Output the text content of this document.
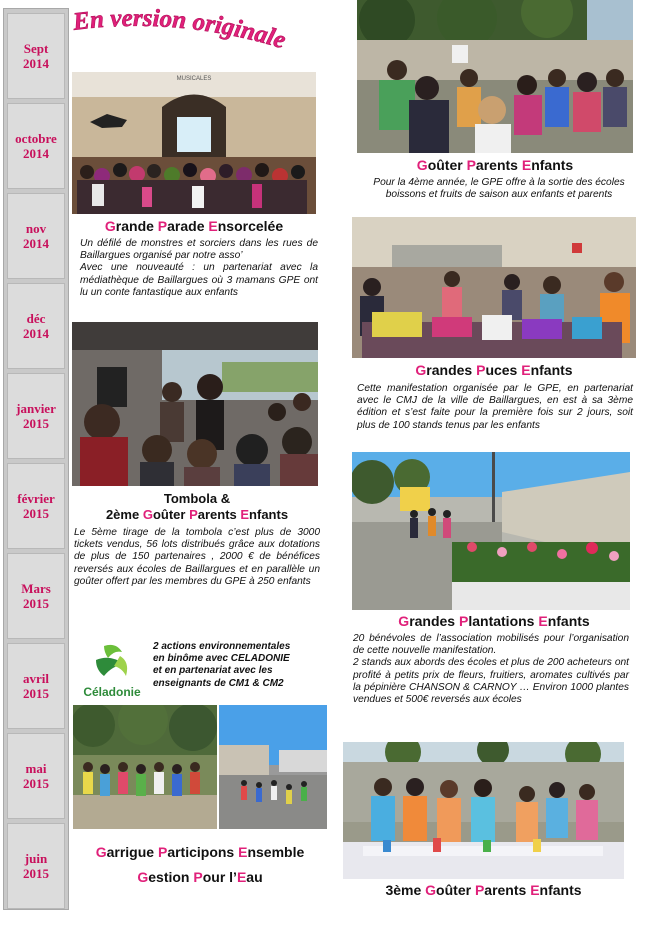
Sept
2014
octobre
2014
nov
2014
déc
2014
janvier
2015
février
2015
Mars
2015
avril
2015
mai
2015
juin
2015
En version originale
MUSICALES
Grande Parade Ensorcelée

Un défilé de monstres et sorciers dans les rues de Baillargues organisé par notre asso’

Avec une nouveauté : un partenariat avec la médiathèque de Baillargues où 3 mamans GPE ont lu un conte fantastique aux enfants

Tombola &
2ème Goûter Parents Enfants

Le 5ème tirage de la tombola c’est plus de 3000 tickets vendus, 56 lots distribués grâce aux dotations de plus de 150 partenaires , 2000 € de bénéfices reversés aux écoles de Baillargues et en parallèle un goûter offert par les membres du GPE à 250 enfants

Céladonie

2 actions environnementales

en binôme avec CELADONIE

et en partenariat avec les

enseignants de CM1 & CM2

Garrigue Participons Ensemble
Gestion Pour l’Eau
Goûter Parents Enfants

Pour la 4ème année, le GPE offre à la sortie des écoles

boissons et fruits de saison aux enfants et parents

Grandes Puces Enfants

Cette manifestation organisée par le GPE, en partenariat avec le CMJ de la ville de Baillargues, en est à sa 3ème édition et s’est faite pour la première fois sur 2 jours, soit plus de 100 stands tenus par les enfants

Grandes Plantations Enfants

20 bénévoles de l’association mobilisés pour l’organisation de cette nouvelle manifestation.

2 stands aux abords des écoles et plus de 200 acheteurs ont profité à petits prix de fleurs, fruitiers, aromates cultivés par la pépinière CHANSON & CARNOY … Environ 1000 plantes vendues et 500€ reversés aux écoles

3ème Goûter Parents Enfants
